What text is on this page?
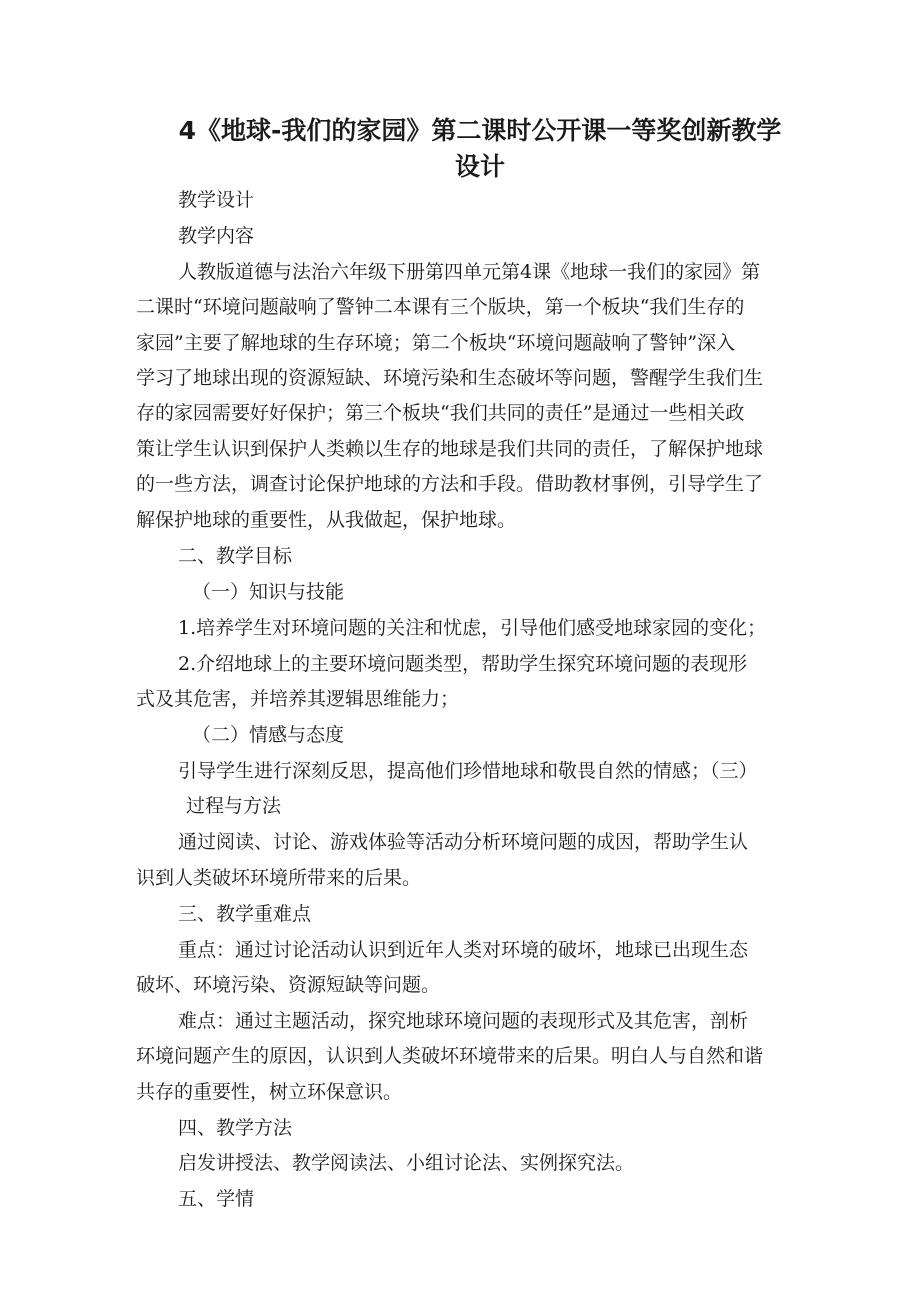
4《地球-我们的家园》第二课时公开课一等奖创新教学
设计

教学设计

教学内容

人教版道德与法治六年级下册第四单元第4课《地球一我们的家园》第

二课时“环境问题敲响了警钟二本课有三个版块，第一个板块“我们生存的

家园”主要了解地球的生存环境；第二个板块“环境问题敲响了警钟”深入

学习了地球出现的资源短缺、环境污染和生态破坏等问题，警醒学生我们生

存的家园需要好好保护；第三个板块“我们共同的责任”是通过一些相关政

策让学生认识到保护人类赖以生存的地球是我们共同的责任，了解保护地球

的一些方法，调查讨论保护地球的方法和手段。借助教材事例，引导学生了

解保护地球的重要性，从我做起，保护地球。

二、教学目标

（一）知识与技能

1.培养学生对环境问题的关注和忧虑，引导他们感受地球家园的变化；

2.介绍地球上的主要环境问题类型，帮助学生探究环境问题的表现形

式及其危害，并培养其逻辑思维能力；

（二）情感与态度

引导学生进行深刻反思，提高他们珍惜地球和敬畏自然的情感；（三）

过程与方法

通过阅读、讨论、游戏体验等活动分析环境问题的成因，帮助学生认

识到人类破坏环境所带来的后果。

三、教学重难点

重点：通过讨论活动认识到近年人类对环境的破坏，地球已出现生态

破坏、环境污染、资源短缺等问题。

难点：通过主题活动，探究地球环境问题的表现形式及其危害，剖析

环境问题产生的原因，认识到人类破坏环境带来的后果。明白人与自然和谐

共存的重要性，树立环保意识。

四、教学方法

启发讲授法、教学阅读法、小组讨论法、实例探究法。

五、学情
